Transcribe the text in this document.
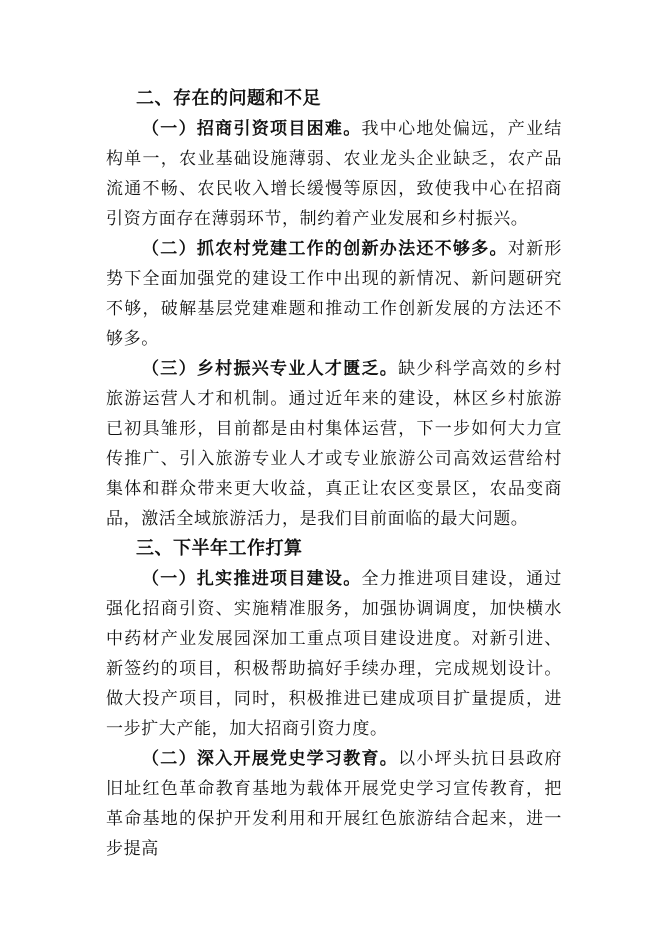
二、存在的问题和不足

（一）招商引资项目困难。我中心地处偏远，产业结构单一，农业基础设施薄弱、农业龙头企业缺乏，农产品流通不畅、农民收入增长缓慢等原因，致使我中心在招商引资方面存在薄弱环节，制约着产业发展和乡村振兴。

（二）抓农村党建工作的创新办法还不够多。对新形势下全面加强党的建设工作中出现的新情况、新问题研究不够，破解基层党建难题和推动工作创新发展的方法还不够多。

（三）乡村振兴专业人才匮乏。缺少科学高效的乡村旅游运营人才和机制。通过近年来的建设，林区乡村旅游已初具雏形，目前都是由村集体运营，下一步如何大力宣传推广、引入旅游专业人才或专业旅游公司高效运营给村集体和群众带来更大收益，真正让农区变景区，农品变商品，激活全域旅游活力，是我们目前面临的最大问题。

三、下半年工作打算

（一）扎实推进项目建设。全力推进项目建设，通过强化招商引资、实施精准服务，加强协调调度，加快横水中药材产业发展园深加工重点项目建设进度。对新引进、新签约的项目，积极帮助搞好手续办理，完成规划设计。做大投产项目，同时，积极推进已建成项目扩量提质，进一步扩大产能，加大招商引资力度。

（二）深入开展党史学习教育。以小坪头抗日县政府旧址红色革命教育基地为载体开展党史学习宣传教育，把革命基地的保护开发利用和开展红色旅游结合起来，进一步提高
